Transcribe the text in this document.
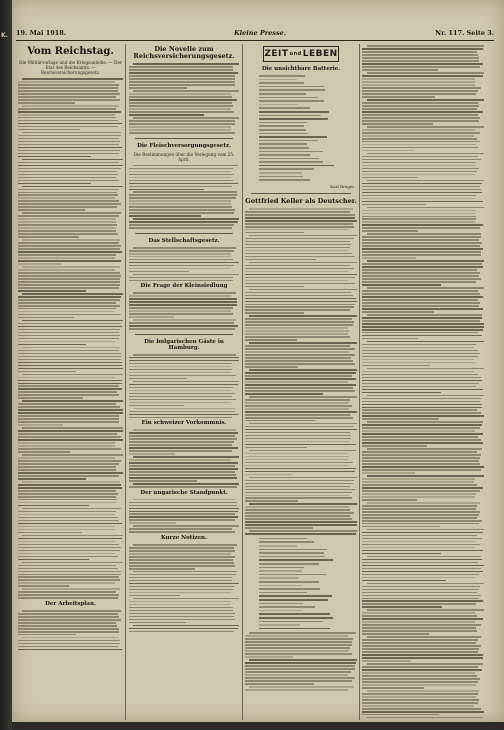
K. 19. Mai 1918.	Kleine Presse.	Nr. 117. Seite 3.
Vom Reichstag.
Die Militärvorlage und die Kriegsanleihe. — Der Etat des Reichsamts. — Reichsversicherungsgesetz.
Der Arbeitsplan.
Die Novelle zum Reichsversicherungsgesetz.
Die Fleischversorgungsgesetz.
Die Bestimmungen über die Verlegung vom 25. April.
Das Stellschaftsgesetz.
Die Frage der Kleinsiedlung
Die bulgarischen Gäste in Hamburg.
Ein schweizer Vorkommnis.
Der ungarische Standpunkt.
Kurze Notizen.
ZEIT und LEBEN
Die unsichtbare Batterie.
Karl Bröger.
Gottfried Keller als Deutscher.
